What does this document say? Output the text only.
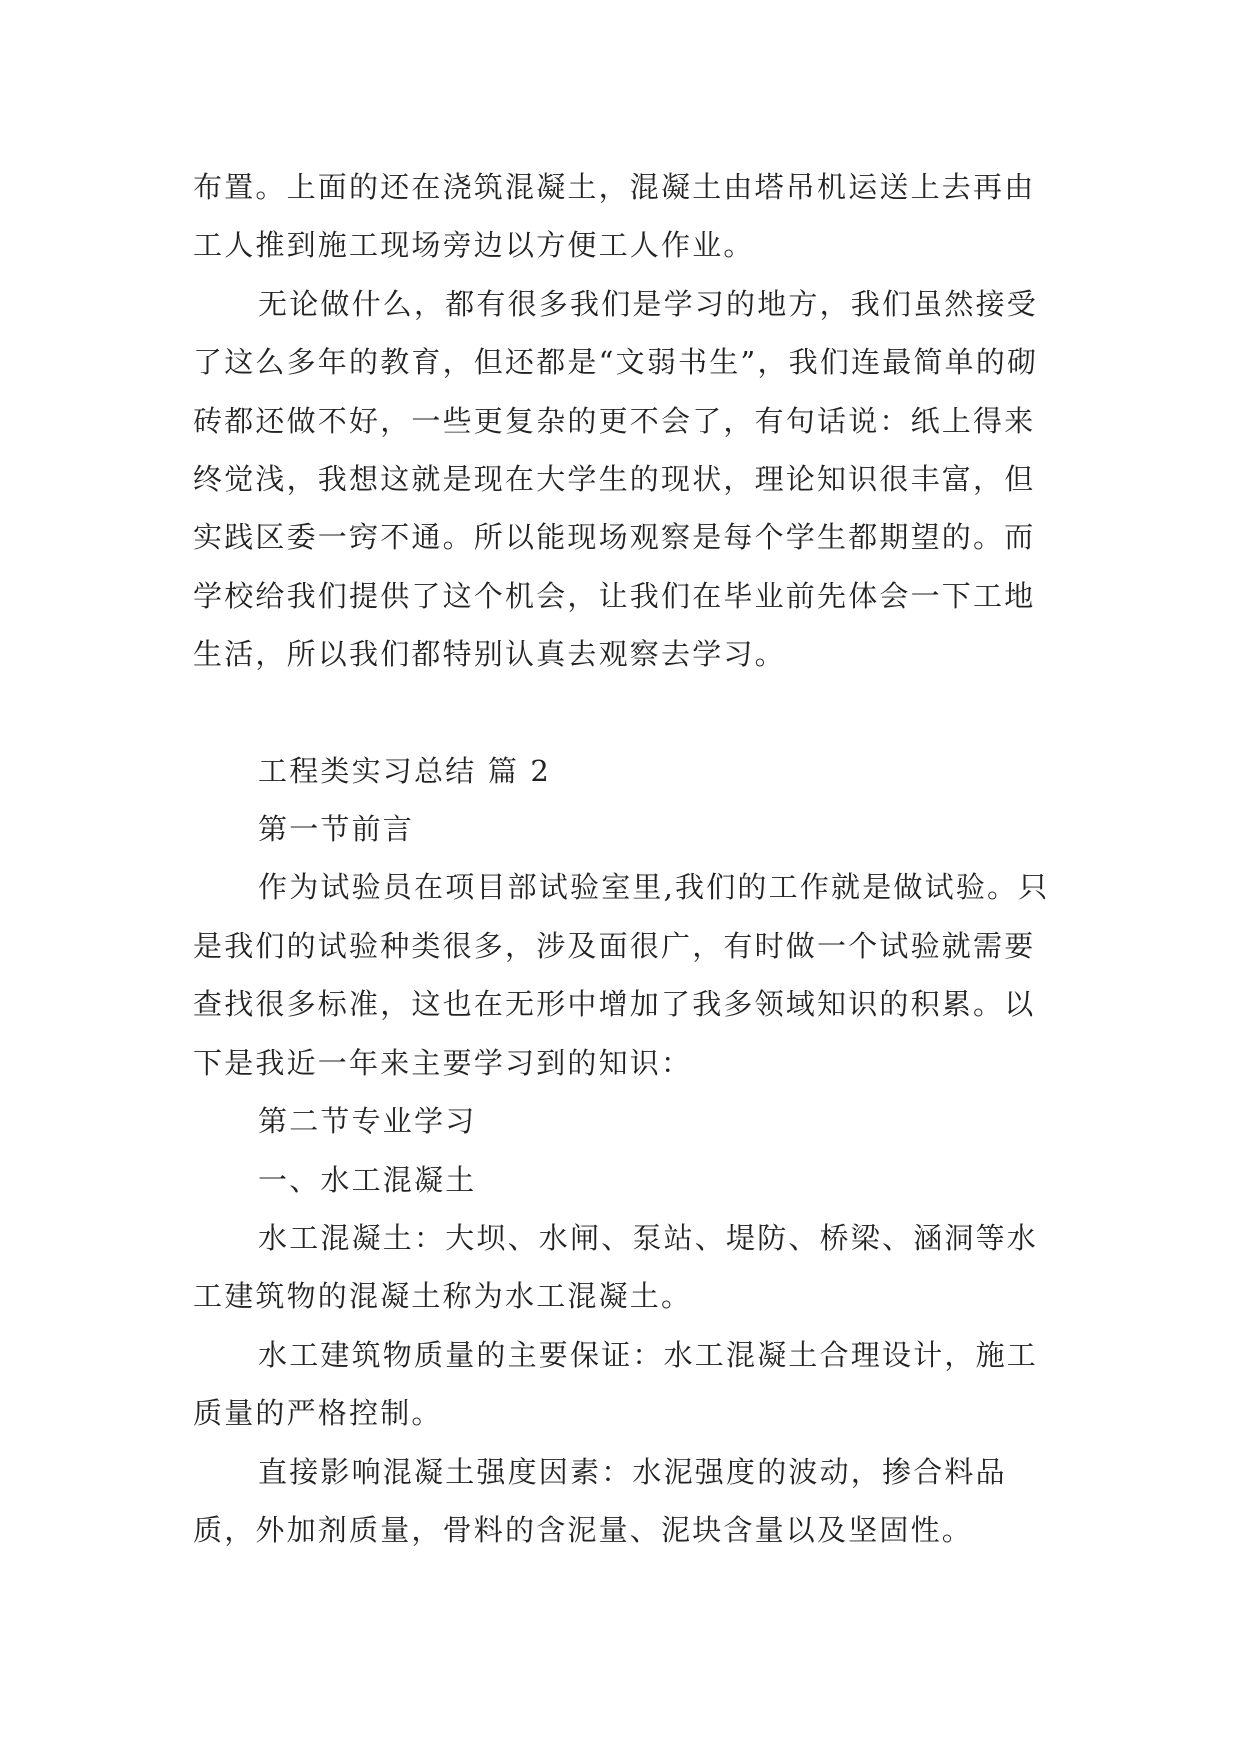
布置。上面的还在浇筑混凝土，混凝土由塔吊机运送上去再由工人推到施工现场旁边以方便工人作业。

无论做什么，都有很多我们是学习的地方，我们虽然接受了这么多年的教育，但还都是“文弱书生”，我们连最简单的砌砖都还做不好，一些更复杂的更不会了，有句话说：纸上得来终觉浅，我想这就是现在大学生的现状，理论知识很丰富，但实践区委一窍不通。所以能现场观察是每个学生都期望的。而学校给我们提供了这个机会，让我们在毕业前先体会一下工地生活，所以我们都特别认真去观察去学习。

工程类实习总结 篇 2

第一节前言

作为试验员在项目部试验室里,我们的工作就是做试验。只是我们的试验种类很多，涉及面很广，有时做一个试验就需要查找很多标准，这也在无形中增加了我多领域知识的积累。以下是我近一年来主要学习到的知识：

第二节专业学习

一、水工混凝土

水工混凝土：大坝、水闸、泵站、堤防、桥梁、涵洞等水工建筑物的混凝土称为水工混凝土。

水工建筑物质量的主要保证：水工混凝土合理设计，施工质量的严格控制。

直接影响混凝土强度因素：水泥强度的波动，掺合料品质，外加剂质量，骨料的含泥量、泥块含量以及坚固性。
